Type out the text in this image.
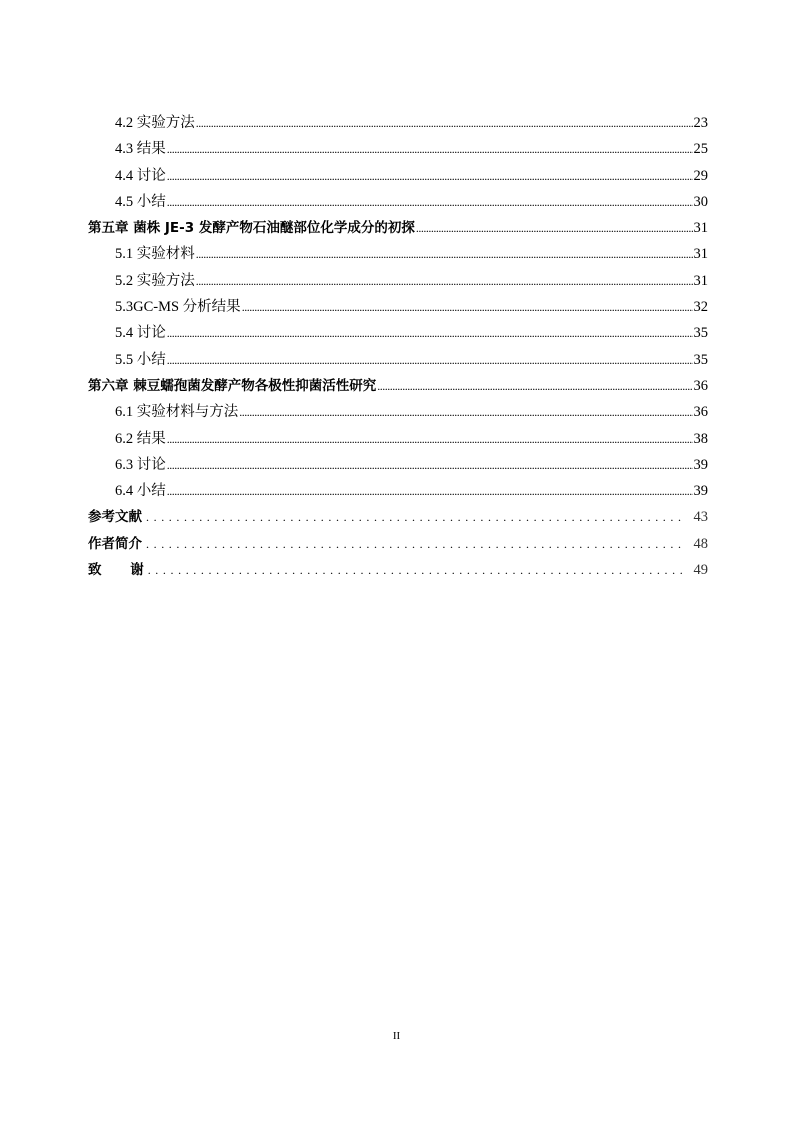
4.2 实验方法 .....	23
4.3 结果 .....	25
4.4 讨论 .....	29
4.5 小结 .....	30
第五章 菌株 JE-3 发酵产物石油醚部位化学成分的初探 .....	31
5.1 实验材料 .....	31
5.2 实验方法 .....	31
5.3GC-MS 分析结果 .....	32
5.4 讨论 .....	35
5.5 小结 .....	35
第六章 棘豆蠕孢菌发酵产物各极性抑菌活性研究 .....	36
6.1 实验材料与方法 .....	36
6.2 结果 .....	38
6.3 讨论 .....	39
6.4 小结 .....	39
参考文献 .....	43
作者简介 .....	48
致 谢 .....	49
II
